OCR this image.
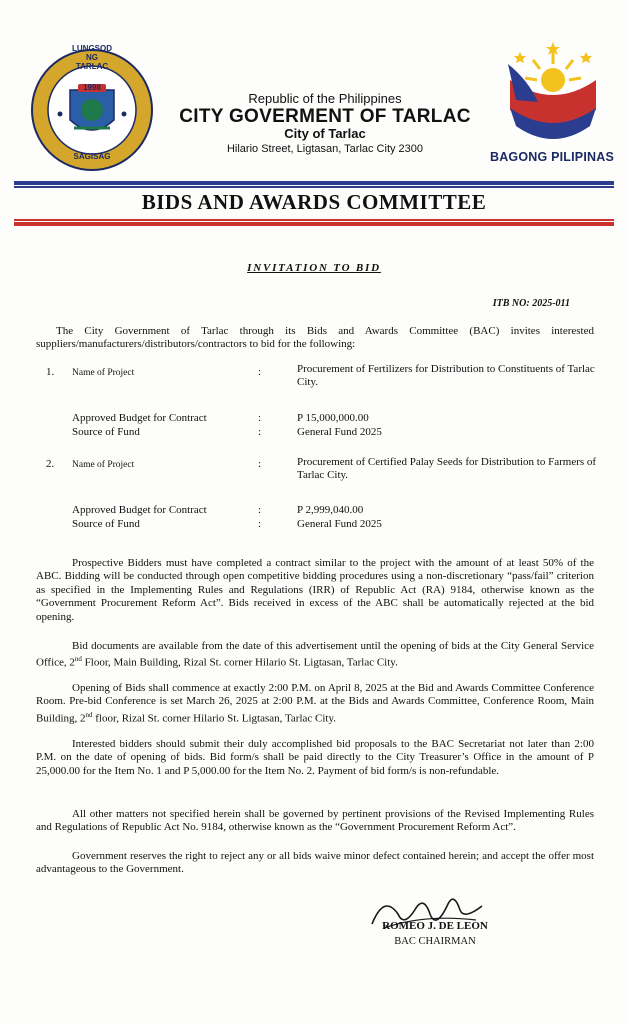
LUNGSOD NG TARLAC
1998
SAGISAG	BAGONG PILIPINAS
Republic of the Philippines
CITY GOVERMENT OF TARLAC
City of Tarlac
Hilario Street, Ligtasan, Tarlac City 2300
BIDS AND AWARDS COMMITTEE
INVITATION TO BID
ITB NO: 2025-011
The City Government of Tarlac through its Bids and Awards Committee (BAC) invites interested suppliers/manufacturers/distributors/contractors to bid for the following:
1. Name of Project	:	Procurement of Fertilizers for Distribution to Constituents of Tarlac City.
Approved Budget for Contract	:	P 15,000,000.00
Source of Fund	:	General Fund 2025
2. Name of Project	:	Procurement of Certified Palay Seeds for Distribution to Farmers of Tarlac City.
Approved Budget for Contract	:	P 2,999,040.00
Source of Fund	:	General Fund 2025
Prospective Bidders must have completed a contract similar to the project with the amount of at least 50% of the ABC. Bidding will be conducted through open competitive bidding procedures using a non-discretionary “pass/fail” criterion as specified in the Implementing Rules and Regulations (IRR) of Republic Act (RA) 9184, otherwise known as the “Government Procurement Reform Act”. Bids received in excess of the ABC shall be automatically rejected at the bid opening.
Bid documents are available from the date of this advertisement until the opening of bids at the City General Service Office, 2nd Floor, Main Building, Rizal St. corner Hilario St. Ligtasan, Tarlac City.
Opening of Bids shall commence at exactly 2:00 P.M. on April 8, 2025 at the Bid and Awards Committee Conference Room. Pre-bid Conference is set March 26, 2025 at 2:00 P.M. at the Bids and Awards Committee, Conference Room, Main Building, 2nd floor, Rizal St. corner Hilario St. Ligtasan, Tarlac City.
Interested bidders should submit their duly accomplished bid proposals to the BAC Secretariat not later than 2:00 P.M. on the date of opening of bids. Bid form/s shall be paid directly to the City Treasurer’s Office in the amount of P 25,000.00 for the Item No. 1 and P 5,000.00 for the Item No. 2. Payment of bid form/s is non-refundable.
All other matters not specified herein shall be governed by pertinent provisions of the Revised Implementing Rules and Regulations of Republic Act No. 9184, otherwise known as the “Government Procurement Reform Act”.
Government reserves the right to reject any or all bids waive minor defect contained herein; and accept the offer most advantageous to the Government.
ROMEO J. DE LEON
BAC CHAIRMAN
